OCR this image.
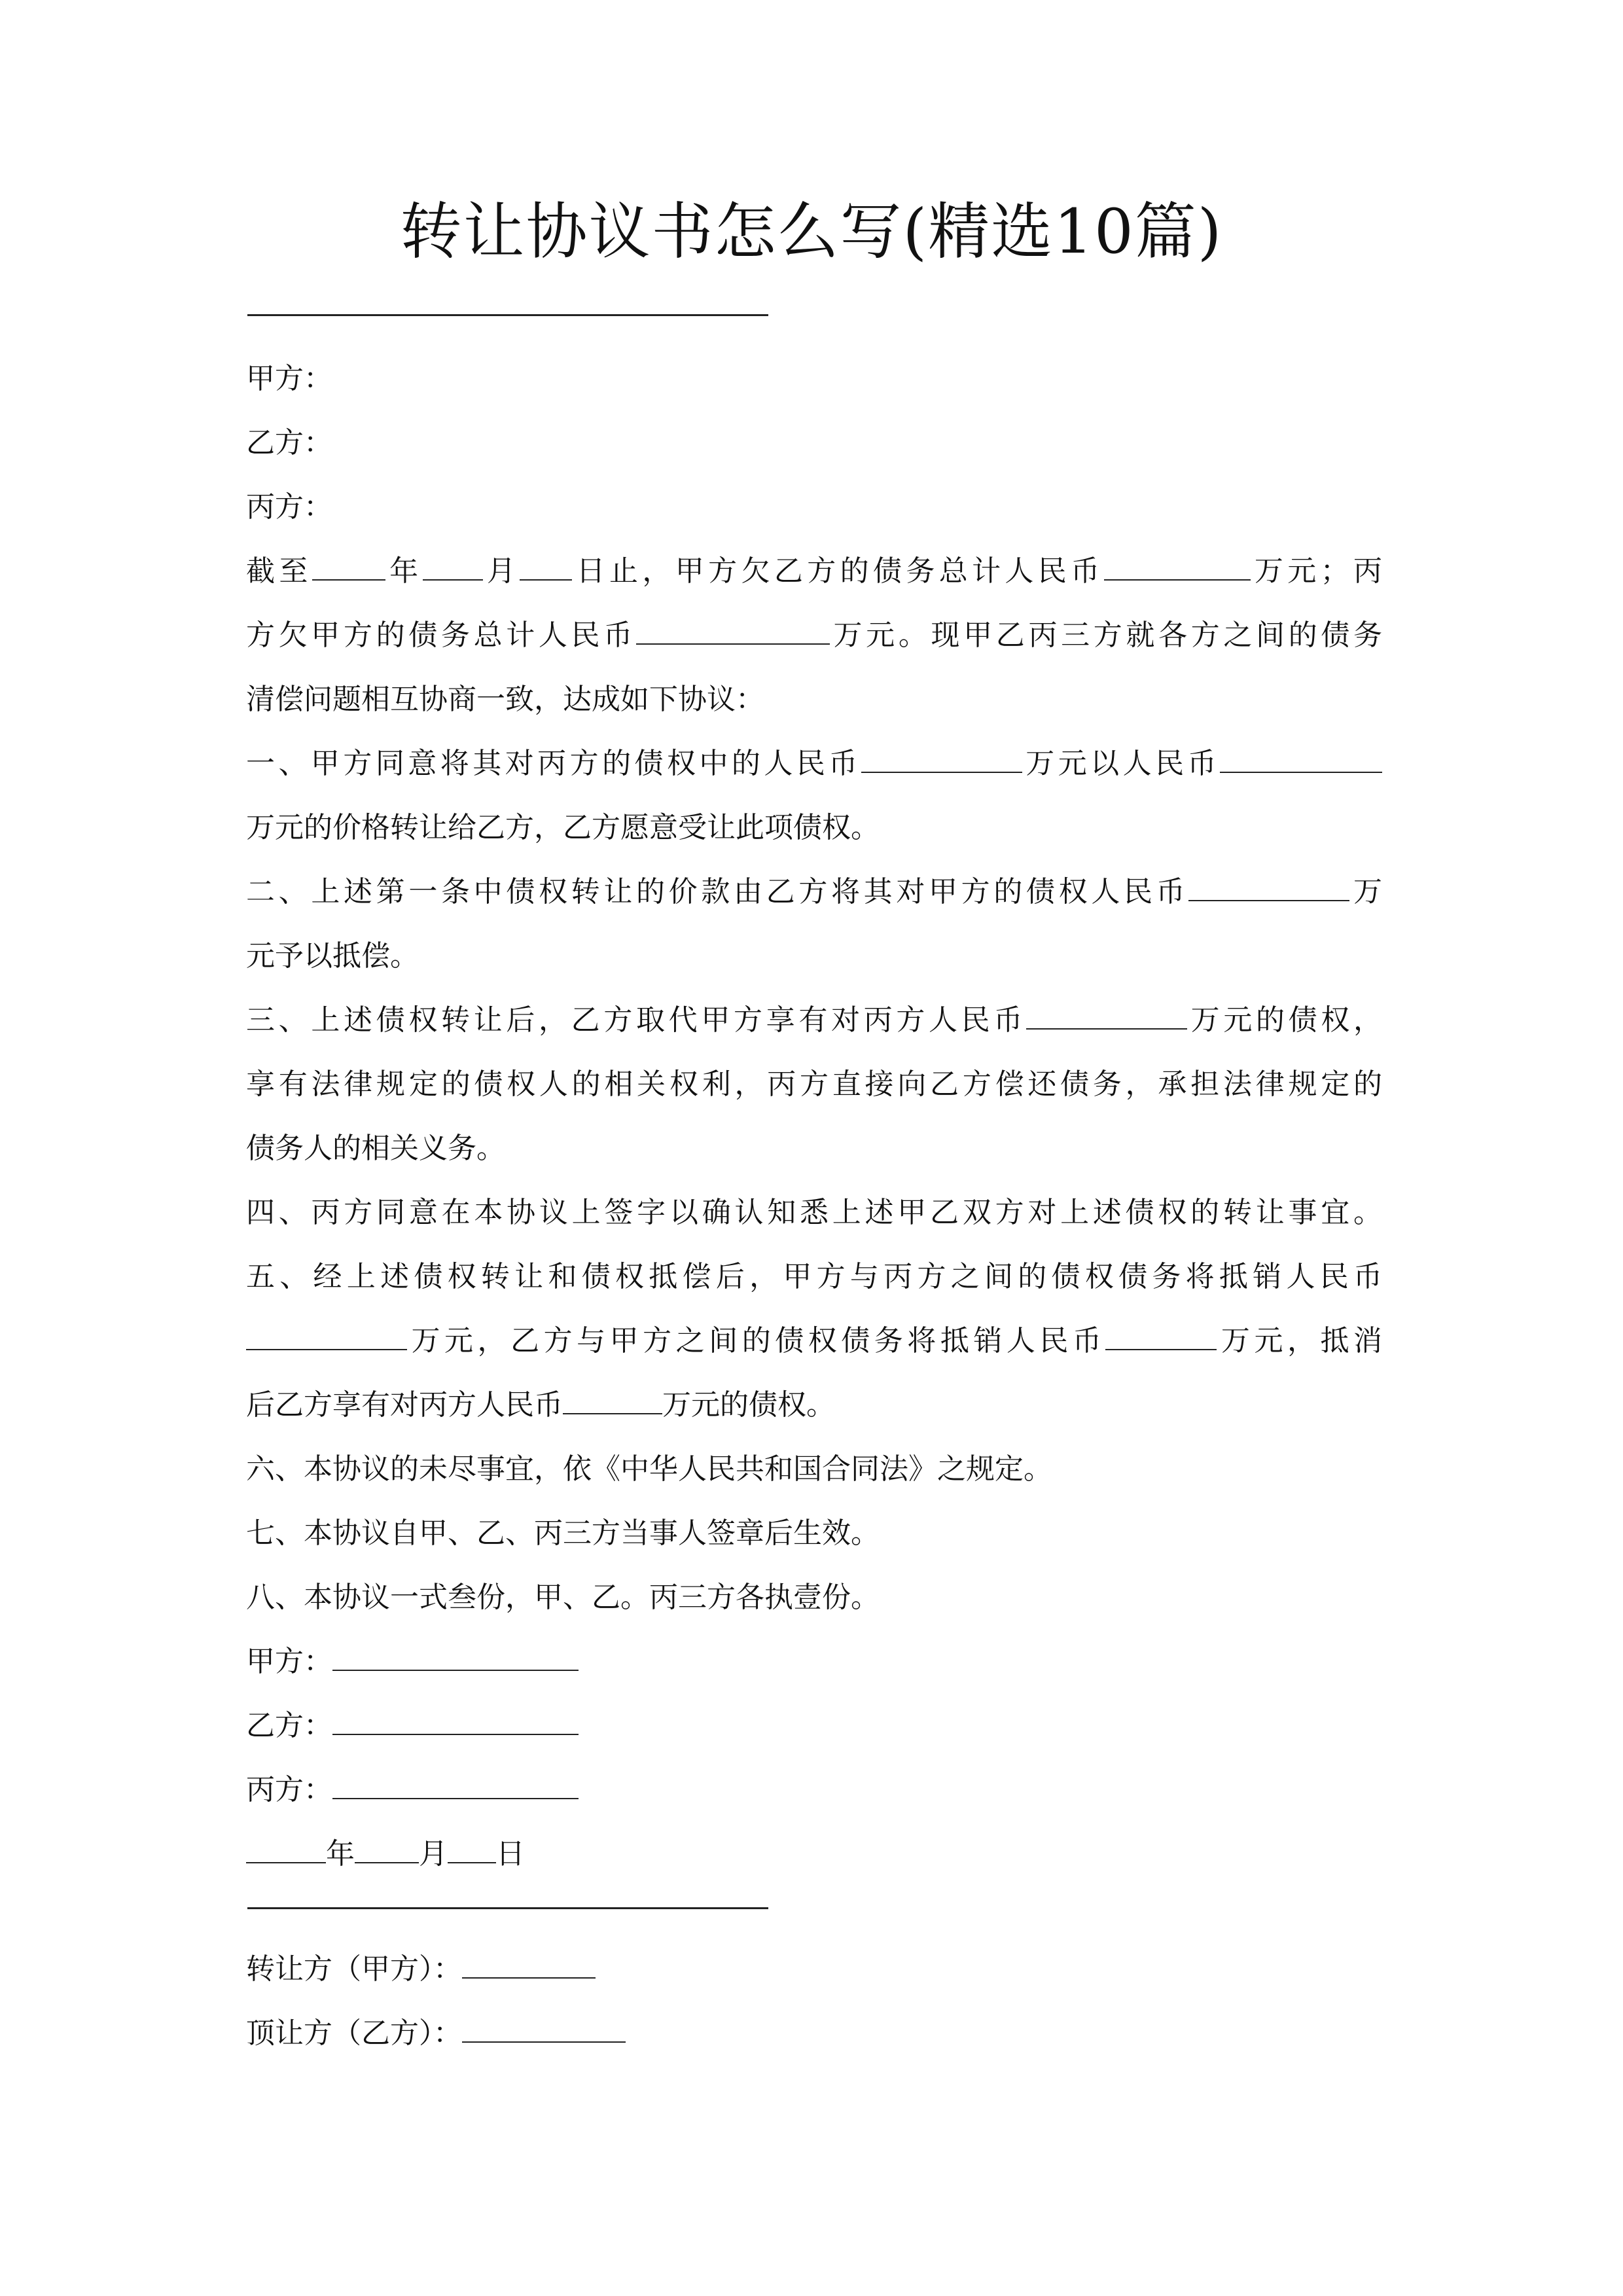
转让协议书怎么写(精选10篇)
甲方：
乙方：
丙方：
截至	年 月 日止，甲方欠乙方的债务总计人民币	万元；丙
方欠甲方的债务总计人民币	万元。现甲乙丙三方就各方之间的债务
清偿问题相互协商一致，达成如下协议：
一、甲方同意将其对丙方的债权中的人民币	万元以人民币
万元的价格转让给乙方，乙方愿意受让此项债权。
二、上述第一条中债权转让的价款由乙方将其对甲方的债权人民币	万
元予以抵偿。
三、上述债权转让后，乙方取代甲方享有对丙方人民币	万元的债权，
享有法律规定的债权人的相关权利，丙方直接向乙方偿还债务，承担法律规定的
债务人的相关义务。
四、丙方同意在本协议上签字以确认知悉上述甲乙双方对上述债权的转让事宜。
五、经上述债权转让和债权抵偿后，甲方与丙方之间的债权债务将抵销人民币
万元，乙方与甲方之间的债权债务将抵销人民币	万元，抵消
后乙方享有对丙方人民币	万元的债权。
六、本协议的未尽事宜，依《中华人民共和国合同法》之规定。
七、本协议自甲、乙、丙三方当事人签章后生效。
八、本协议一式叁份，甲、乙。丙三方各执壹份。
甲方：
乙方：
丙方：
年 月 日
转让方（甲方）：
顶让方（乙方）：
